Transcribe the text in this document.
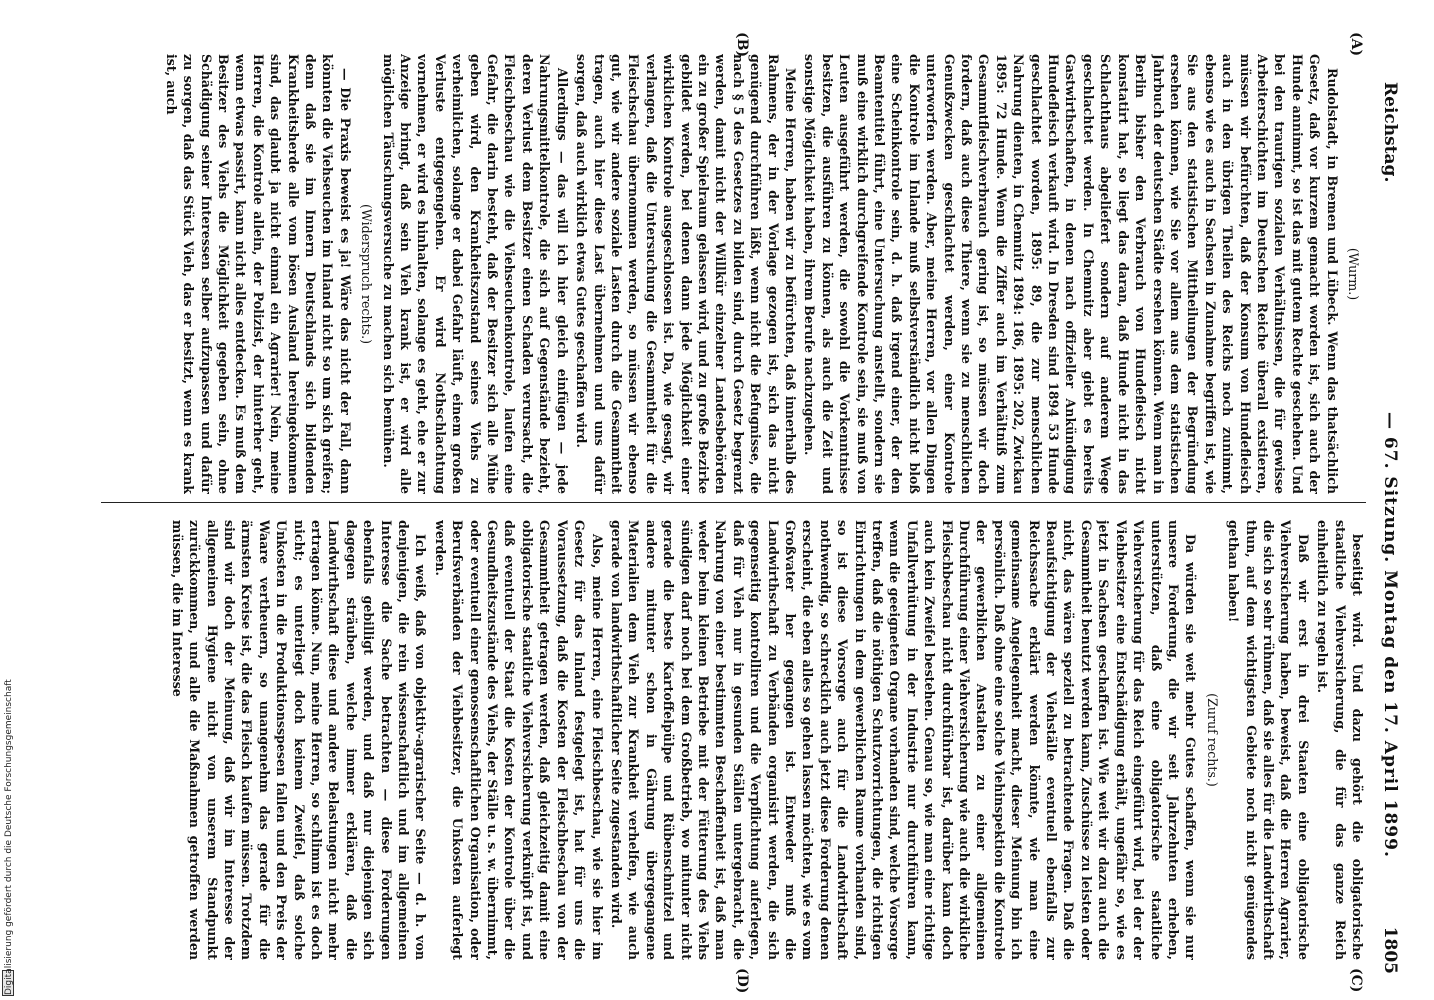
Reichstag.
— 67. Sitzung. Montag den 17. April 1899.
1805
(A)
(B)
(C)
(D)

(Wurm.)

Rudolstadt, in Bremen und Lübeck. Wenn das thatsächlich Gesetz, daß vor kurzem gemacht worden ist, sich auch der Hunde annimmt, so ist das mit gutem Rechte geschehen. Und bei den traurigen sozialen Verhältnissen, die für gewisse Arbeiterschichten im Deutschen Reiche überall existieren, müssen wir befürchten, daß der Konsum von Hundefleisch auch in den übrigen Theilen des Reichs noch zunimmt, ebenso wie es auch in Sachsen in Zunahme begriffen ist, wie Sie aus den statistischen Mittheilungen der Begründung ersehen können, wie Sie vor allem aus dem statistischen Jahrbuch der deutschen Städte ersehen können. Wenn man in Berlin bisher den Verbrauch von Hundefleisch nicht konstatirt hat, so liegt das daran, daß Hunde nicht in das Schlachthaus abgeliefert sondern auf anderem Wege geschlachtet werden. In Chemnitz aber giebt es bereits Gastwirthschaften, in denen nach offizieller Ankündigung Hundefleisch verkauft wird. In Dresden sind 1894 53 Hunde geschlachtet worden, 1895: 89, die zur menschlichen Nahrung dienten, in Chemnitz 1894: 186, 1895: 202, Zwickau 1895: 72 Hunde. Wenn die Ziffer auch im Verhältniß zum Gesammtfleischverbrauch gering ist, so müssen wir doch fordern, daß auch diese Thiere, wenn sie zu menschlichen Genußzwecken geschlachtet werden, einer Kontrole unterworfen werden. Aber, meine Herren, vor allen Dingen die Kontrole im Inlande muß selbstverständlich nicht bloß eine Scheinkontrole sein, d. h. daß irgend einer, der den Beamtentitel führt, eine Untersuchung anstellt, sondern sie muß eine wirklich durchgreifende Kontrole sein, sie muß von Leuten ausgeführt werden, die sowohl die Vorkenntnisse besitzen, die ausführen zu können, als auch die Zeit und sonstige Möglichkeit haben, ihrem Berufe nachzugehen.

Meine Herren, haben wir zu befürchten, daß innerhalb des Rahmens, der in der Vorlage gezogen ist, sich das nicht genügend durchführen läßt, wenn nicht die Befugnisse, die nach § 5 des Gesetzes zu bilden sind, durch Gesetz begrenzt werden, damit nicht der Willkür einzelner Landesbehörden ein zu großer Spielraum gelassen wird, und zu große Bezirke gebildet werden, bei denen dann jede Möglichkeit einer wirklichen Kontrole ausgeschlossen ist. Da, wie gesagt, wir verlangen, daß die Untersuchung die Gesammtheit für die Fleischschau übernommen werden, so müssen wir ebenso gut, wie wir andere soziale Lasten durch die Gesammtheit tragen, auch hier diese Last übernehmen und uns dafür sorgen, daß auch wirklich etwas Gutes geschaffen wird.

Allerdings — das will ich hier gleich einfügen — jede Nahrungsmittelkontrole, die sich auf Gegenstände bezieht, deren Verlust dem Besitzer einen Schaden verursacht, die Fleischbeschau wie die Viehseuchenkontrole, laufen eine Gefahr, die darin besteht, daß der Besitzer sich alle Mühe geben wird, den Krankheitszustand seines Viehs zu verheimlichen, solange er dabei Gefahr läuft, einem großen Verluste entgegengehen. Er wird Nothschlachtung vornehmen, er wird es hinhalten, solange es geht, ehe er zur Anzeige bringt, daß sein Vieh krank ist, er wird alle möglichen Täuschungsversuche zu machen sich bemühen.

(Widerspruch rechts.)

— Die Praxis beweist es ja! Wäre das nicht der Fall, dann könnten die Viehseuchen im Inland nicht so um sich greifen; denn daß sie im Innern Deutschlands sich bildenden Krankheitsherde alle vom bösen Ausland hereingekommen sind, das glaubt ja nicht einmal ein Agrarier! Nein, meine Herren, die Kontrole allein, der Polizist, der hinterher geht, wenn etwas passirt, kann nicht alles entdecken. Es muß dem Besitzer des Viehs die Möglichkeit gegeben sein, ohne Schädigung seiner Interessen selber aufzupassen und dafür zu sorgen, daß das Stück Vieh, das er besitzt, wenn es krank ist, auch

beseitigt wird. Und dazu gehört die obligatorische staatliche Viehversicherung, die für das ganze Reich einheitlich zu regeln ist.

Daß wir erst in drei Staaten eine obligatorische Viehversicherung haben, beweist, daß die Herren Agrarier, die sich so sehr rühmen, daß sie alles für die Landwirthschaft thun, auf dem wichtigsten Gebiete noch nicht genügendes gethan haben!

(Zuruf rechts.)

Da würden sie weit mehr Gutes schaffen, wenn sie nur unsere Forderung, die wir seit Jahrzehnten erheben, unterstützen, daß eine obligatorische staatliche Viehversicherung für das Reich eingeführt wird, bei der der Viehbesitzer eine Entschädigung erhält, ungefähr so, wie es jetzt in Sachsen geschaffen ist. Wie weit wir dazu auch die Gesammtheit benutzt werden kann, Zuschüsse zu leisten oder nicht, das wären speziell zu betrachtende Fragen. Daß die Beaufsichtigung der Viehställe eventuell ebenfalls zur Reichssache erklärt werden könnte, wie man eine gemeinsame Angelegenheit macht, dieser Meinung bin ich persönlich. Daß ohne eine solche Viehinspektion die Kontrole der gewerblichen Anstalten zu einer allgemeinen Durchführung einer Viehversicherung wie auch die wirkliche Fleischbeschau nicht durchführbar ist, darüber kann doch auch kein Zweifel bestehen. Genau so, wie man eine richtige Unfallverhütung in der Industrie nur durchführen kann, wenn die geeigneten Organe vorhanden sind, welche Vorsorge treffen, daß die nöthigen Schutzvorrichtungen, die richtigen Einrichtungen in dem gewerblichen Raume vorhanden sind, so ist diese Vorsorge auch für die Landwirthschaft nothwendig, so schrecklich auch jetzt diese Forderung denen erscheint, die eben alles so gehen lassen möchten, wie es vom Großvater her gegangen ist. Entweder muß die Landwirthschaft zu Verbänden organisirt werden, die sich gegenseitig kontrolliren und die Verpflichtung auferlegen, daß für Vieh nur in gesunden Ställen untergebracht, die Nahrung von einer bestimmten Beschaffenheit ist, daß man weder beim kleinen Betriebe mit der Fütterung des Viehs sündigen darf noch bei dem Großbetrieb, wo mitunter nicht gerade die beste Kartoffelpülpe und Rübenschnitzel und andere mitunter schon in Gährung übergegangene Materialien dem Vieh zur Krankheit verhelfen, wie auch gerade von landwirthschaftlicher Seite zugestanden wird.

Also, meine Herren, eine Fleischbeschau, wie sie hier im Gesetz für das Inland festgelegt ist, hat für uns die Voraussetzung, daß die Kosten der Fleischbeschau von der Gesammtheit getragen werden, daß gleichzeitig damit eine obligatorische staatliche Viehversicherung verknüpft ist, und daß eventuell der Staat die Kosten der Kontrole über die Gesundheitszustände des Viehs, der Ställe u. s. w. übernimmt, oder eventuell einer genossenschaftlichen Organisation, oder Berufsverbänden der Viehbesitzer, die Unkosten auferlegt werden.

Ich weiß, daß von objektiv-agrarischer Seite — d. h. von denjenigen, die rein wissenschaftlich und im allgemeinen Interesse die Sache betrachten — diese Forderungen ebenfalls gebilligt werden, und daß nur diejenigen sich dagegen sträuben, welche immer erklären, daß die Landwirthschaft diese und andere Belastungen nicht mehr ertragen könne. Nun, meine Herren, so schlimm ist es doch nicht; es unterliegt doch keinem Zweifel, daß solche Unkosten in die Produktionsspesen fallen und den Preis der Waare vertheuern, so unangenehm das gerade für die ärmsten Kreise ist, die das Fleisch kaufen müssen. Trotzdem sind wir doch der Meinung, daß wir im Interesse der allgemeinen Hygiene nicht von unserem Standpunkt zurückkommen, und alle die Maßnahmen getroffen werden müssen, die im Interesse

Digitalisierung gefördert durch die Deutsche Forschungsgemeinschaft
